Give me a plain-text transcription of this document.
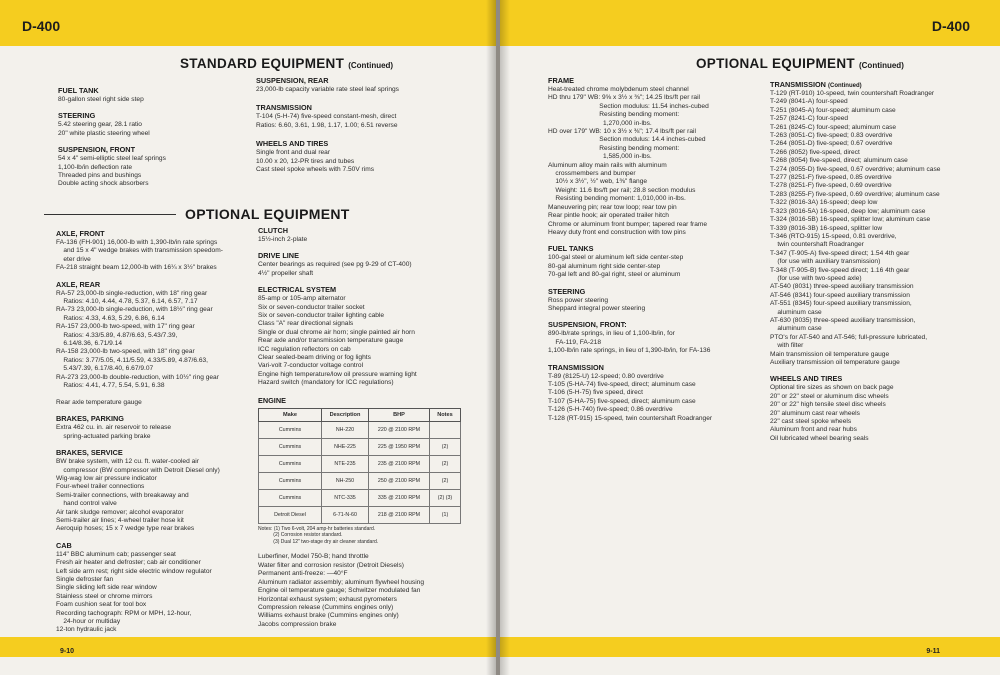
D-400
9-10
STANDARD EQUIPMENT (Continued)
FUEL TANK
80-gallon steel right side step
STEERING
5.42 steering gear, 28.1 ratio
20" white plastic steering wheel
SUSPENSION, FRONT
54 x 4" semi-elliptic steel leaf springs
1,100-lb/in deflection rate
Threaded pins and bushings
Double acting shock absorbers
SUSPENSION, REAR
23,000-lb capacity variable rate steel leaf springs
TRANSMISSION
T-104 (5-H-74) five-speed constant-mesh, direct
Ratios: 6.60, 3.61, 1.98, 1.17, 1.00; 6.51 reverse
WHEELS AND TIRES
Single front and dual rear
10.00 x 20, 12-PR tires and tubes
Cast steel spoke wheels with 7.50V rims
OPTIONAL EQUIPMENT
AXLE, FRONT
FA-136 (FH-901) 16,000-lb with 1,390-lb/in rate springs
and 15 x 4" wedge brakes with transmission speedom-
eter drive
FA-218 straight beam 12,000-lb with 16¼ x 3½" brakes
AXLE, REAR
RA-57 23,000-lb single-reduction, with 18" ring gear
Ratios: 4.10, 4.44, 4.78, 5.37, 6.14, 6.57, 7.17
RA-73 23,000-lb single-reduction, with 18½" ring gear
Ratios: 4.33, 4.63, 5.29, 6.86, 6.14
RA-157 23,000-lb two-speed, with 17" ring gear
Ratios: 4.33/5.89, 4.87/6.63, 5.43/7.39,
6.14/8.36, 6.71/9.14
RA-158 23,000-lb two-speed, with 18" ring gear
Ratios: 3.77/5.05, 4.11/5.59, 4.33/5.89, 4.87/6.63,
5.43/7.39, 6.17/8.40, 6.67/9.07
RA-273 23,000-lb double-reduction, with 10½" ring gear
Ratios: 4.41, 4.77, 5.54, 5.91, 6.38

Rear axle temperature gauge
BRAKES, PARKING
Extra 462 cu. in. air reservoir to release
spring-actuated parking brake
BRAKES, SERVICE
BW brake system, with 12 cu. ft. water-cooled air
compressor (BW compressor with Detroit Diesel only)
Wig-wag low air pressure indicator
Four-wheel trailer connections
Semi-trailer connections, with breakaway and
hand control valve
Air tank sludge remover; alcohol evaporator
Semi-trailer air lines; 4-wheel trailer hose kit
Aeroquip hoses; 15 x 7 wedge type rear brakes
CAB
114" BBC aluminum cab; passenger seat
Fresh air heater and defroster; cab air conditioner
Left side arm rest; right side electric window regulator
Single defroster fan
Single sliding left side rear window
Stainless steel or chrome mirrors
Foam cushion seat for tool box
Recording tachograph: RPM or MPH, 12-hour,
24-hour or multiday
12-ton hydraulic jack
CLUTCH
15½-inch 2-plate
DRIVE LINE
Center bearings as required (see pg 9-29 of CT-400)
4½" propeller shaft
ELECTRICAL SYSTEM
85-amp or 105-amp alternator
Six or seven-conductor trailer socket
Six or seven-conductor trailer lighting cable
Class "A" rear directional signals
Single or dual chrome air horn; single painted air horn
Rear axle and/or transmission temperature gauge
ICC regulation reflectors on cab
Clear sealed-beam driving or fog lights
Vari-volt 7-conductor voltage control
Engine high temperature/low oil pressure warning light
Hazard switch (mandatory for ICC regulations)
ENGINE
Make	Description	BHP	Notes
Cummins	NH-220	220 @ 2100 RPM	
Cummins	NHE-225	225 @ 1950 RPM	(2)
Cummins	NTE-235	235 @ 2100 RPM	(2)
Cummins	NH-250	250 @ 2100 RPM	(2)
Cummins	NTC-335	335 @ 2100 RPM	(2) (3)
Detroit Diesel	6-71-N-60	218 @ 2100 RPM	(1)
Notes: (1) Two 6-volt, 204 amp-hr batteries standard.
(2) Corrosion resistor standard.
(3) Dual 12" two-stage dry air cleaner standard.
Luberfiner, Model 750-B; hand throttle
Water filter and corrosion resistor (Detroit Diesels)
Permanent anti-freeze: —40°F
Aluminum radiator assembly; aluminum flywheel housing
Engine oil temperature gauge; Schwitzer modulated fan
Horizontal exhaust system; exhaust pyrometers
Compression release (Cummins engines only)
Williams exhaust brake (Cummins engines only)
Jacobs compression brake
D-400
9-11
OPTIONAL EQUIPMENT (Continued)
FRAME
Heat-treated chrome molybdenum steel channel
HD thru 179" WB: 9⅝ x 3½ x ⅜"; 14.25 lbs/ft per rail
Section modulus: 11.54 inches-cubed
Resisting bending moment:
1,270,000 in-lbs.
HD over 179" WB: 10 x 3½ x ⅜"; 17.4 lbs/ft per rail
Section modulus: 14.4 inches-cubed
Resisting bending moment:
1,585,000 in-lbs.
Aluminum alloy main rails with aluminum
crossmembers and bumper
10½ x 3½", ½" web, 1⅜" flange
Weight: 11.6 lbs/ft per rail; 28.8 section modulus
Resisting bending moment: 1,010,000 in-lbs.
Maneuvering pin; rear tow loop; rear tow pin
Rear pintle hook; air operated trailer hitch
Chrome or aluminum front bumper; tapered rear frame
Heavy duty front end construction with tow pins
FUEL TANKS
100-gal steel or aluminum left side center-step
80-gal aluminum right side center-step
70-gal left and 80-gal right, steel or aluminum
STEERING
Ross power steering
Sheppard integral power steering
SUSPENSION, FRONT:
890-lb/rate springs, in lieu of 1,100-lb/in, for
FA-119, FA-218
1,100-lb/in rate springs, in lieu of 1,390-lb/in, for FA-136
TRANSMISSION
T-89 (8125-U) 12-speed; 0.80 overdrive
T-105 (5-HA-74) five-speed, direct; aluminum case
T-106 (5-H-75) five speed, direct
T-107 (5-HA-75) five-speed, direct; aluminum case
T-126 (5-H-740) five-speed; 0.86 overdrive
T-128 (RT-915) 15-speed, twin countershaft Roadranger
TRANSMISSION (Continued)
T-129 (RT-910) 10-speed, twin countershaft Roadranger
T-249 (8041-A) four-speed
T-251 (8045-A) four-speed; aluminum case
T-257 (8241-C) four-speed
T-261 (8245-C) four-speed; aluminum case
T-263 (8051-C) five-speed; 0.83 overdrive
T-264 (8051-D) five-speed; 0.67 overdrive
T-266 (8052) five-speed, direct
T-268 (8054) five-speed, direct; aluminum case
T-274 (8055-D) five-speed, 0.67 overdrive; aluminum case
T-277 (8251-F) five-speed, 0.85 overdrive
T-278 (8251-F) five-speed, 0.69 overdrive
T-283 (8255-F) five-speed, 0.69 overdrive; aluminum case
T-322 (8016-3A) 16-speed; deep low
T-323 (8016-5A) 16-speed, deep low; aluminum case
T-324 (8016-5B) 16-speed, splitter low; aluminum case
T-339 (8016-3B) 16-speed, splitter low
T-346 (RTO-915) 15-speed, 0.81 overdrive,
twin countershaft Roadranger
T-347 (T-905-A) five-speed direct; 1.54 4th gear
(for use with auxiliary transmission)
T-348 (T-905-B) five-speed direct; 1.16 4th gear
(for use with two-speed axle)
AT-540 (8031) three-speed auxiliary transmission
AT-546 (8341) four-speed auxiliary transmission
AT-551 (8345) four-speed auxiliary transmission,
aluminum case
AT-630 (8035) three-speed auxiliary transmission,
aluminum case
PTO's for AT-540 and AT-546; full-pressure lubricated,
with filter
Main transmission oil temperature gauge
Auxiliary transmission oil temperature gauge
WHEELS AND TIRES
Optional tire sizes as shown on back page
20" or 22" steel or aluminum disc wheels
20" or 22" high tensile steel disc wheels
20" aluminum cast rear wheels
22" cast steel spoke wheels
Aluminum front and rear hubs
Oil lubricated wheel bearing seals
